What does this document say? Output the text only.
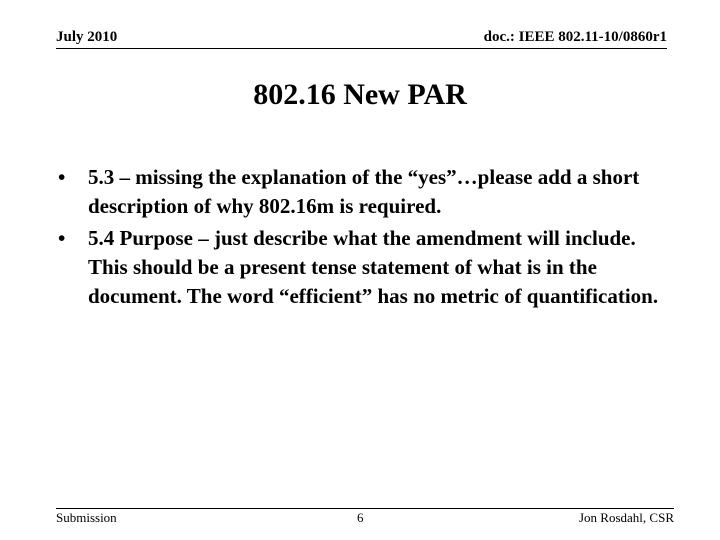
July 2010	doc.: IEEE 802.11-10/0860r1
802.16 New PAR
• 5.3 – missing the explanation of the “yes”…please add a short description of why 802.16m is required.
• 5.4 Purpose – just describe what the amendment will include. This should be a present tense statement of what is in the document. The word “efficient” has no metric of quantification.
Submission	6	Jon Rosdahl, CSR
